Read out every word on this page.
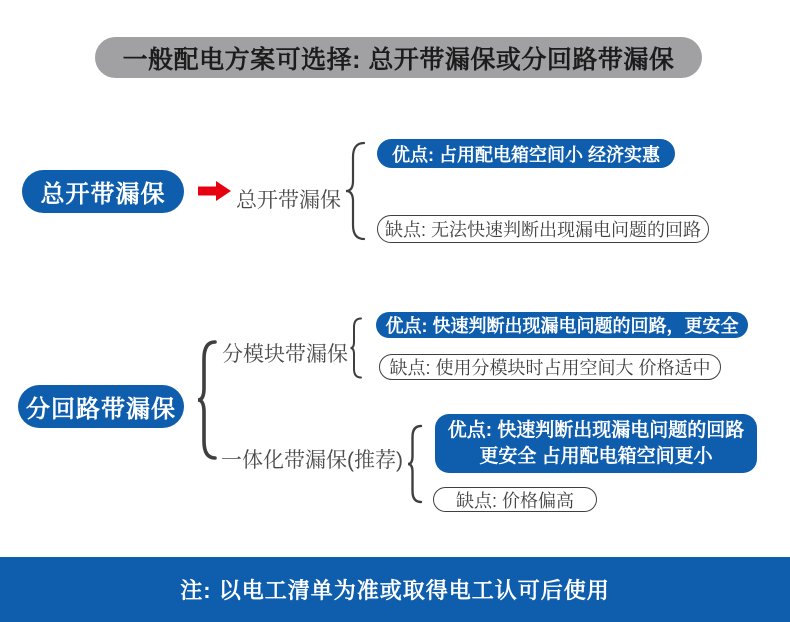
一般配电方案可选择: 总开带漏保或分回路带漏保
总开带漏保	总开带漏保
优点: 占用配电箱空间小 经济实惠
缺点: 无法快速判断出现漏电问题的回路
分回路带漏保
分模块带漏保
优点: 快速判断出现漏电问题的回路，更安全
缺点: 使用分模块时占用空间大 价格适中
一体化带漏保(推荐)
优点: 快速判断出现漏电问题的回路
更安全 占用配电箱空间更小
缺点: 价格偏高
注: 以电工清单为准或取得电工认可后使用
